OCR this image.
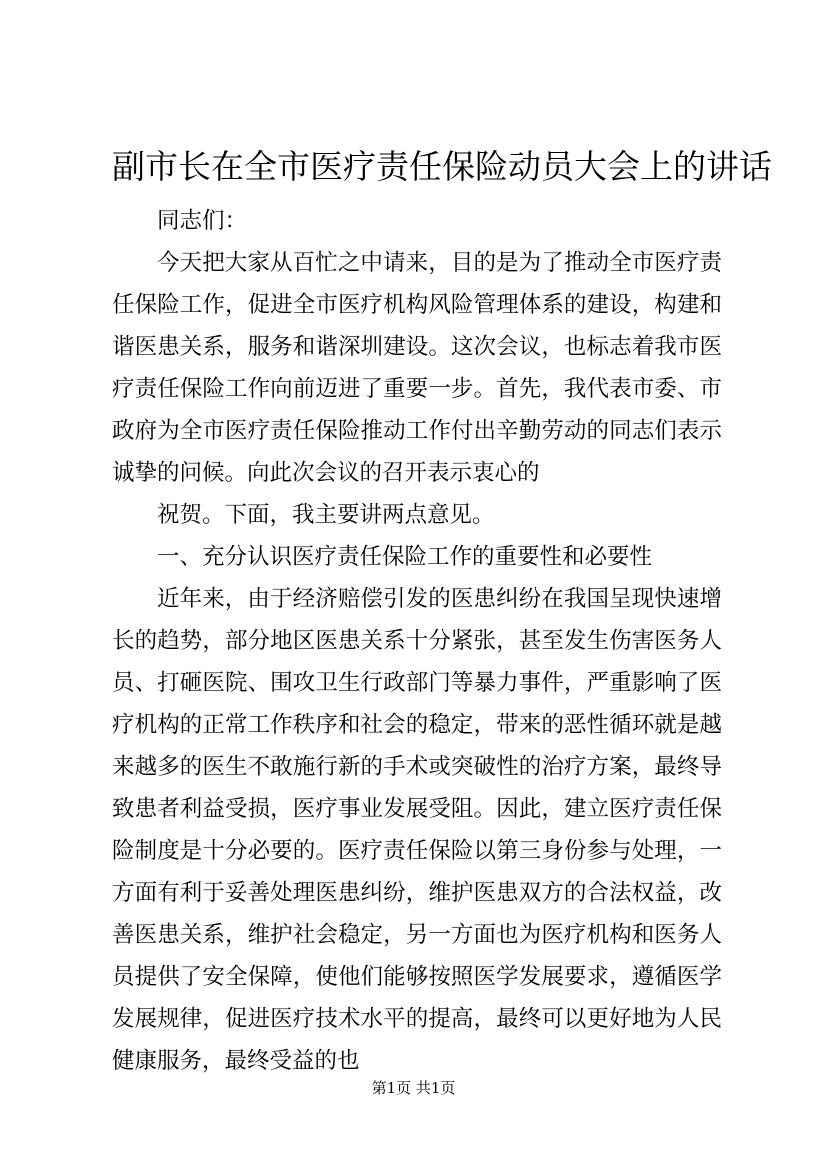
副市长在全市医疗责任保险动员大会上的讲话

同志们：

今天把大家从百忙之中请来，目的是为了推动全市医疗责任保险工作，促进全市医疗机构风险管理体系的建设，构建和谐医患关系，服务和谐深圳建设。这次会议，也标志着我市医疗责任保险工作向前迈进了重要一步。首先，我代表市委、市政府为全市医疗责任保险推动工作付出辛勤劳动的同志们表示诚挚的问候。向此次会议的召开表示衷心的

祝贺。下面，我主要讲两点意见。

一、充分认识医疗责任保险工作的重要性和必要性

近年来，由于经济赔偿引发的医患纠纷在我国呈现快速增长的趋势，部分地区医患关系十分紧张，甚至发生伤害医务人员、打砸医院、围攻卫生行政部门等暴力事件，严重影响了医疗机构的正常工作秩序和社会的稳定，带来的恶性循环就是越来越多的医生不敢施行新的手术或突破性的治疗方案，最终导致患者利益受损，医疗事业发展受阻。因此，建立医疗责任保险制度是十分必要的。医疗责任保险以第三身份参与处理，一方面有利于妥善处理医患纠纷，维护医患双方的合法权益，改善医患关系，维护社会稳定，另一方面也为医疗机构和医务人员提供了安全保障，使他们能够按照医学发展要求，遵循医学发展规律，促进医疗技术水平的提高，最终可以更好地为人民健康服务，最终受益的也

第1页 共1页
